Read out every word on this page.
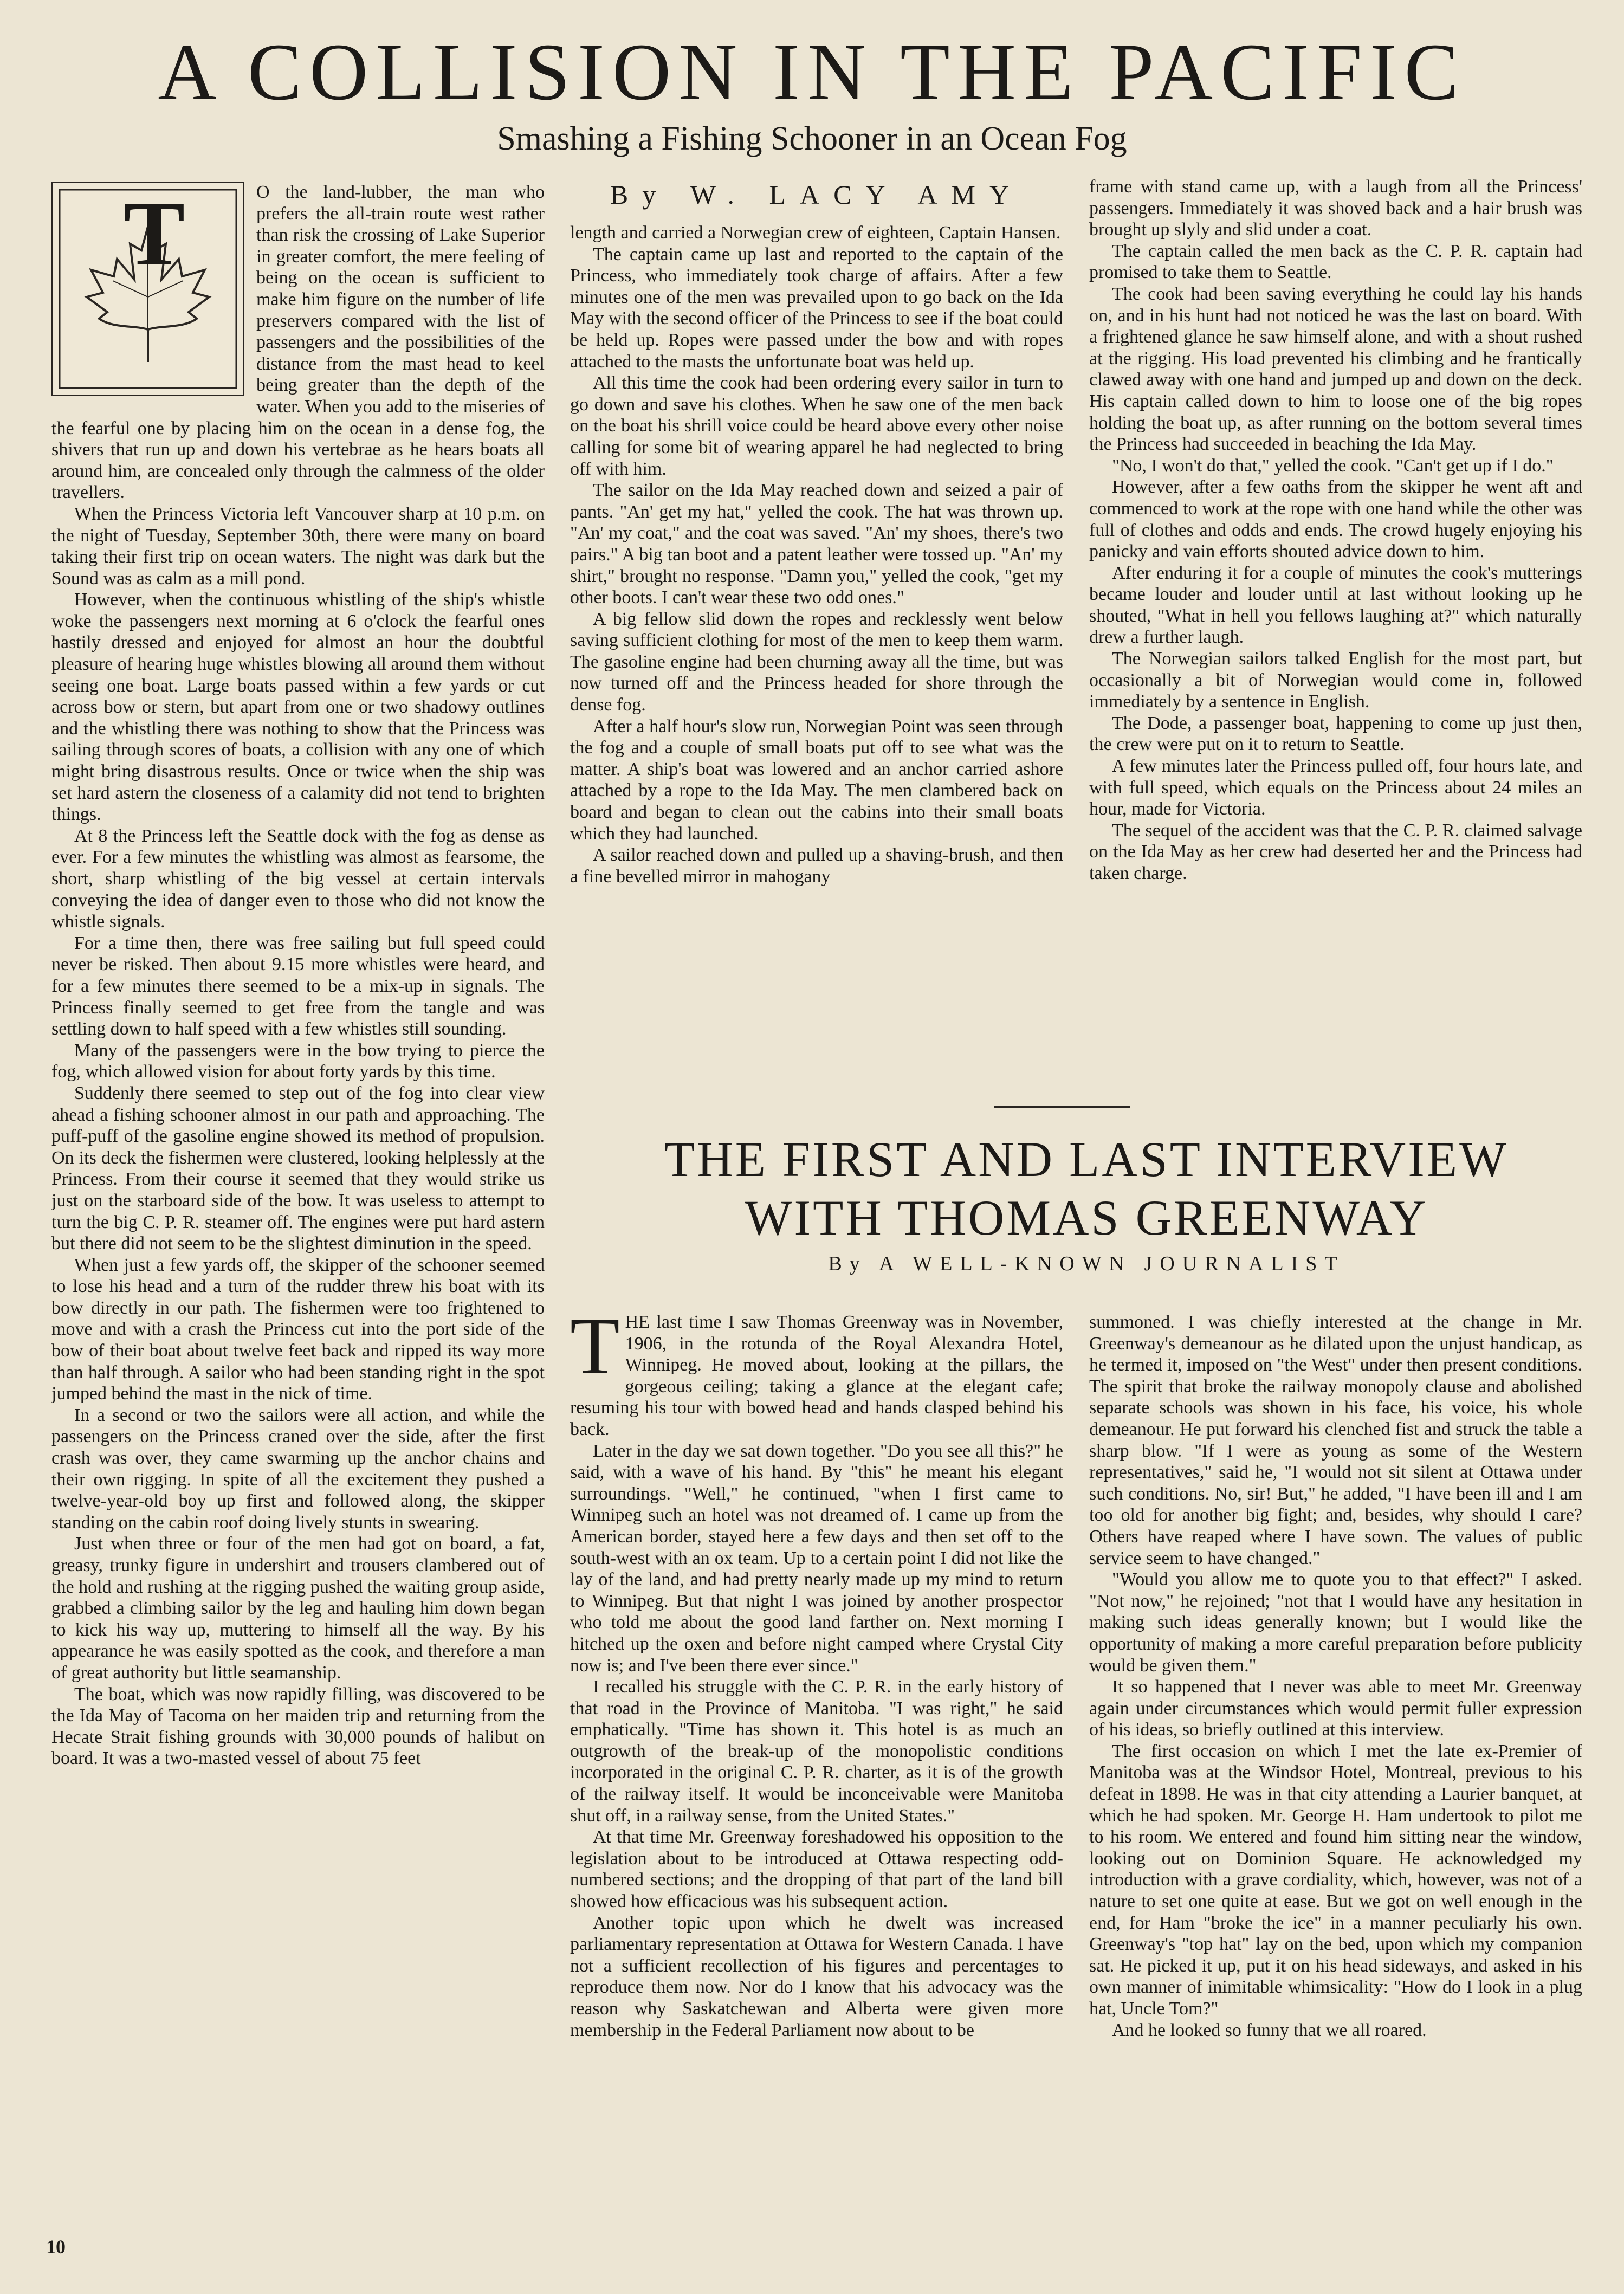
A COLLISION IN THE PACIFIC
Smashing a Fishing Schooner in an Ocean Fog
T	O the land-lubber, the man who prefers the all-train route west rather than risk the crossing of Lake Superior in greater comfort, the mere feeling of being on the ocean is sufficient to make him figure on the number of life preservers compared with the list of passengers and the possibilities of the distance from the mast head to keel being greater than the depth of the water. When you add to the miseries of the fearful one by placing him on the ocean in a dense fog, the shivers that run up and down his vertebrae as he hears boats all around him, are concealed only through the calmness of the older travellers.

When the Princess Victoria left Vancouver sharp at 10 p.m. on the night of Tuesday, September 30th, there were many on board taking their first trip on ocean waters. The night was dark but the Sound was as calm as a mill pond.

However, when the continuous whistling of the ship's whistle woke the passengers next morning at 6 o'clock the fearful ones hastily dressed and enjoyed for almost an hour the doubtful pleasure of hearing huge whistles blowing all around them without seeing one boat. Large boats passed within a few yards or cut across bow or stern, but apart from one or two shadowy outlines and the whistling there was nothing to show that the Princess was sailing through scores of boats, a collision with any one of which might bring disastrous results. Once or twice when the ship was set hard astern the closeness of a calamity did not tend to brighten things.

At 8 the Princess left the Seattle dock with the fog as dense as ever. For a few minutes the whistling was almost as fearsome, the short, sharp whistling of the big vessel at certain intervals conveying the idea of danger even to those who did not know the whistle signals.

For a time then, there was free sailing but full speed could never be risked. Then about 9.15 more whistles were heard, and for a few minutes there seemed to be a mix-up in signals. The Princess finally seemed to get free from the tangle and was settling down to half speed with a few whistles still sounding.

Many of the passengers were in the bow trying to pierce the fog, which allowed vision for about forty yards by this time.

Suddenly there seemed to step out of the fog into clear view ahead a fishing schooner almost in our path and approaching. The puff-puff of the gasoline engine showed its method of propulsion. On its deck the fishermen were clustered, looking helplessly at the Princess. From their course it seemed that they would strike us just on the starboard side of the bow. It was useless to attempt to turn the big C. P. R. steamer off. The engines were put hard astern but there did not seem to be the slightest diminution in the speed.

When just a few yards off, the skipper of the schooner seemed to lose his head and a turn of the rudder threw his boat with its bow directly in our path. The fishermen were too frightened to move and with a crash the Princess cut into the port side of the bow of their boat about twelve feet back and ripped its way more than half through. A sailor who had been standing right in the spot jumped behind the mast in the nick of time.

In a second or two the sailors were all action, and while the passengers on the Princess craned over the side, after the first crash was over, they came swarming up the anchor chains and their own rigging. In spite of all the excitement they pushed a twelve-year-old boy up first and followed along, the skipper standing on the cabin roof doing lively stunts in swearing.

Just when three or four of the men had got on board, a fat, greasy, trunky figure in undershirt and trousers clambered out of the hold and rushing at the rigging pushed the waiting group aside, grabbed a climbing sailor by the leg and hauling him down began to kick his way up, muttering to himself all the way. By his appearance he was easily spotted as the cook, and therefore a man of great authority but little seamanship.

The boat, which was now rapidly filling, was discovered to be the Ida May of Tacoma on her maiden trip and returning from the Hecate Strait fishing grounds with 30,000 pounds of halibut on board. It was a two-masted vessel of about 75 feet

By W. LACY AMY

length and carried a Norwegian crew of eighteen, Captain Hansen.

The captain came up last and reported to the captain of the Princess, who immediately took charge of affairs. After a few minutes one of the men was prevailed upon to go back on the Ida May with the second officer of the Princess to see if the boat could be held up. Ropes were passed under the bow and with ropes attached to the masts the unfortunate boat was held up.

All this time the cook had been ordering every sailor in turn to go down and save his clothes. When he saw one of the men back on the boat his shrill voice could be heard above every other noise calling for some bit of wearing apparel he had neglected to bring off with him.

The sailor on the Ida May reached down and seized a pair of pants. "An' get my hat," yelled the cook. The hat was thrown up. "An' my coat," and the coat was saved. "An' my shoes, there's two pairs." A big tan boot and a patent leather were tossed up. "An' my shirt," brought no response. "Damn you," yelled the cook, "get my other boots. I can't wear these two odd ones."

A big fellow slid down the ropes and recklessly went below saving sufficient clothing for most of the men to keep them warm. The gasoline engine had been churning away all the time, but was now turned off and the Princess headed for shore through the dense fog.

After a half hour's slow run, Norwegian Point was seen through the fog and a couple of small boats put off to see what was the matter. A ship's boat was lowered and an anchor carried ashore attached by a rope to the Ida May. The men clambered back on board and began to clean out the cabins into their small boats which they had launched.

A sailor reached down and pulled up a shaving-brush, and then a fine bevelled mirror in mahogany

frame with stand came up, with a laugh from all the Princess' passengers. Immediately it was shoved back and a hair brush was brought up slyly and slid under a coat.

The captain called the men back as the C. P. R. captain had promised to take them to Seattle.

The cook had been saving everything he could lay his hands on, and in his hunt had not noticed he was the last on board. With a frightened glance he saw himself alone, and with a shout rushed at the rigging. His load prevented his climbing and he frantically clawed away with one hand and jumped up and down on the deck. His captain called down to him to loose one of the big ropes holding the boat up, as after running on the bottom several times the Princess had succeeded in beaching the Ida May.

"No, I won't do that," yelled the cook. "Can't get up if I do."

However, after a few oaths from the skipper he went aft and commenced to work at the rope with one hand while the other was full of clothes and odds and ends. The crowd hugely enjoying his panicky and vain efforts shouted advice down to him.

After enduring it for a couple of minutes the cook's mutterings became louder and louder until at last without looking up he shouted, "What in hell you fellows laughing at?" which naturally drew a further laugh.

The Norwegian sailors talked English for the most part, but occasionally a bit of Norwegian would come in, followed immediately by a sentence in English.

The Dode, a passenger boat, happening to come up just then, the crew were put on it to return to Seattle.

A few minutes later the Princess pulled off, four hours late, and with full speed, which equals on the Princess about 24 miles an hour, made for Victoria.

The sequel of the accident was that the C. P. R. claimed salvage on the Ida May as her crew had deserted her and the Princess had taken charge.

THE FIRST AND LAST INTERVIEW
WITH THOMAS GREENWAY
By A WELL-KNOWN JOURNALIST
T HE last time I saw Thomas Greenway was in November, 1906, in the rotunda of the Royal Alexandra Hotel, Winnipeg. He moved about, looking at the pillars, the gorgeous ceiling; taking a glance at the elegant cafe; resuming his tour with bowed head and hands clasped behind his back.

Later in the day we sat down together. "Do you see all this?" he said, with a wave of his hand. By "this" he meant his elegant surroundings. "Well," he continued, "when I first came to Winnipeg such an hotel was not dreamed of. I came up from the American border, stayed here a few days and then set off to the south-west with an ox team. Up to a certain point I did not like the lay of the land, and had pretty nearly made up my mind to return to Winnipeg. But that night I was joined by another prospector who told me about the good land farther on. Next morning I hitched up the oxen and before night camped where Crystal City now is; and I've been there ever since."

I recalled his struggle with the C. P. R. in the early history of that road in the Province of Manitoba. "I was right," he said emphatically. "Time has shown it. This hotel is as much an outgrowth of the break-up of the monopolistic conditions incorporated in the original C. P. R. charter, as it is of the growth of the railway itself. It would be inconceivable were Manitoba shut off, in a railway sense, from the United States."

At that time Mr. Greenway foreshadowed his opposition to the legislation about to be introduced at Ottawa respecting odd-numbered sections; and the dropping of that part of the land bill showed how efficacious was his subsequent action.

Another topic upon which he dwelt was increased parliamentary representation at Ottawa for Western Canada. I have not a sufficient recollection of his figures and percentages to reproduce them now. Nor do I know that his advocacy was the reason why Saskatchewan and Alberta were given more membership in the Federal Parliament now about to be

summoned. I was chiefly interested at the change in Mr. Greenway's demeanour as he dilated upon the unjust handicap, as he termed it, imposed on "the West" under then present conditions. The spirit that broke the railway monopoly clause and abolished separate schools was shown in his face, his voice, his whole demeanour. He put forward his clenched fist and struck the table a sharp blow. "If I were as young as some of the Western representatives," said he, "I would not sit silent at Ottawa under such conditions. No, sir! But," he added, "I have been ill and I am too old for another big fight; and, besides, why should I care? Others have reaped where I have sown. The values of public service seem to have changed."

"Would you allow me to quote you to that effect?" I asked. "Not now," he rejoined; "not that I would have any hesitation in making such ideas generally known; but I would like the opportunity of making a more careful preparation before publicity would be given them."

It so happened that I never was able to meet Mr. Greenway again under circumstances which would permit fuller expression of his ideas, so briefly outlined at this interview.

The first occasion on which I met the late ex-Premier of Manitoba was at the Windsor Hotel, Montreal, previous to his defeat in 1898. He was in that city attending a Laurier banquet, at which he had spoken. Mr. George H. Ham undertook to pilot me to his room. We entered and found him sitting near the window, looking out on Dominion Square. He acknowledged my introduction with a grave cordiality, which, however, was not of a nature to set one quite at ease. But we got on well enough in the end, for Ham "broke the ice" in a manner peculiarly his own. Greenway's "top hat" lay on the bed, upon which my companion sat. He picked it up, put it on his head sideways, and asked in his own manner of inimitable whimsicality: "How do I look in a plug hat, Uncle Tom?"

And he looked so funny that we all roared.

10
